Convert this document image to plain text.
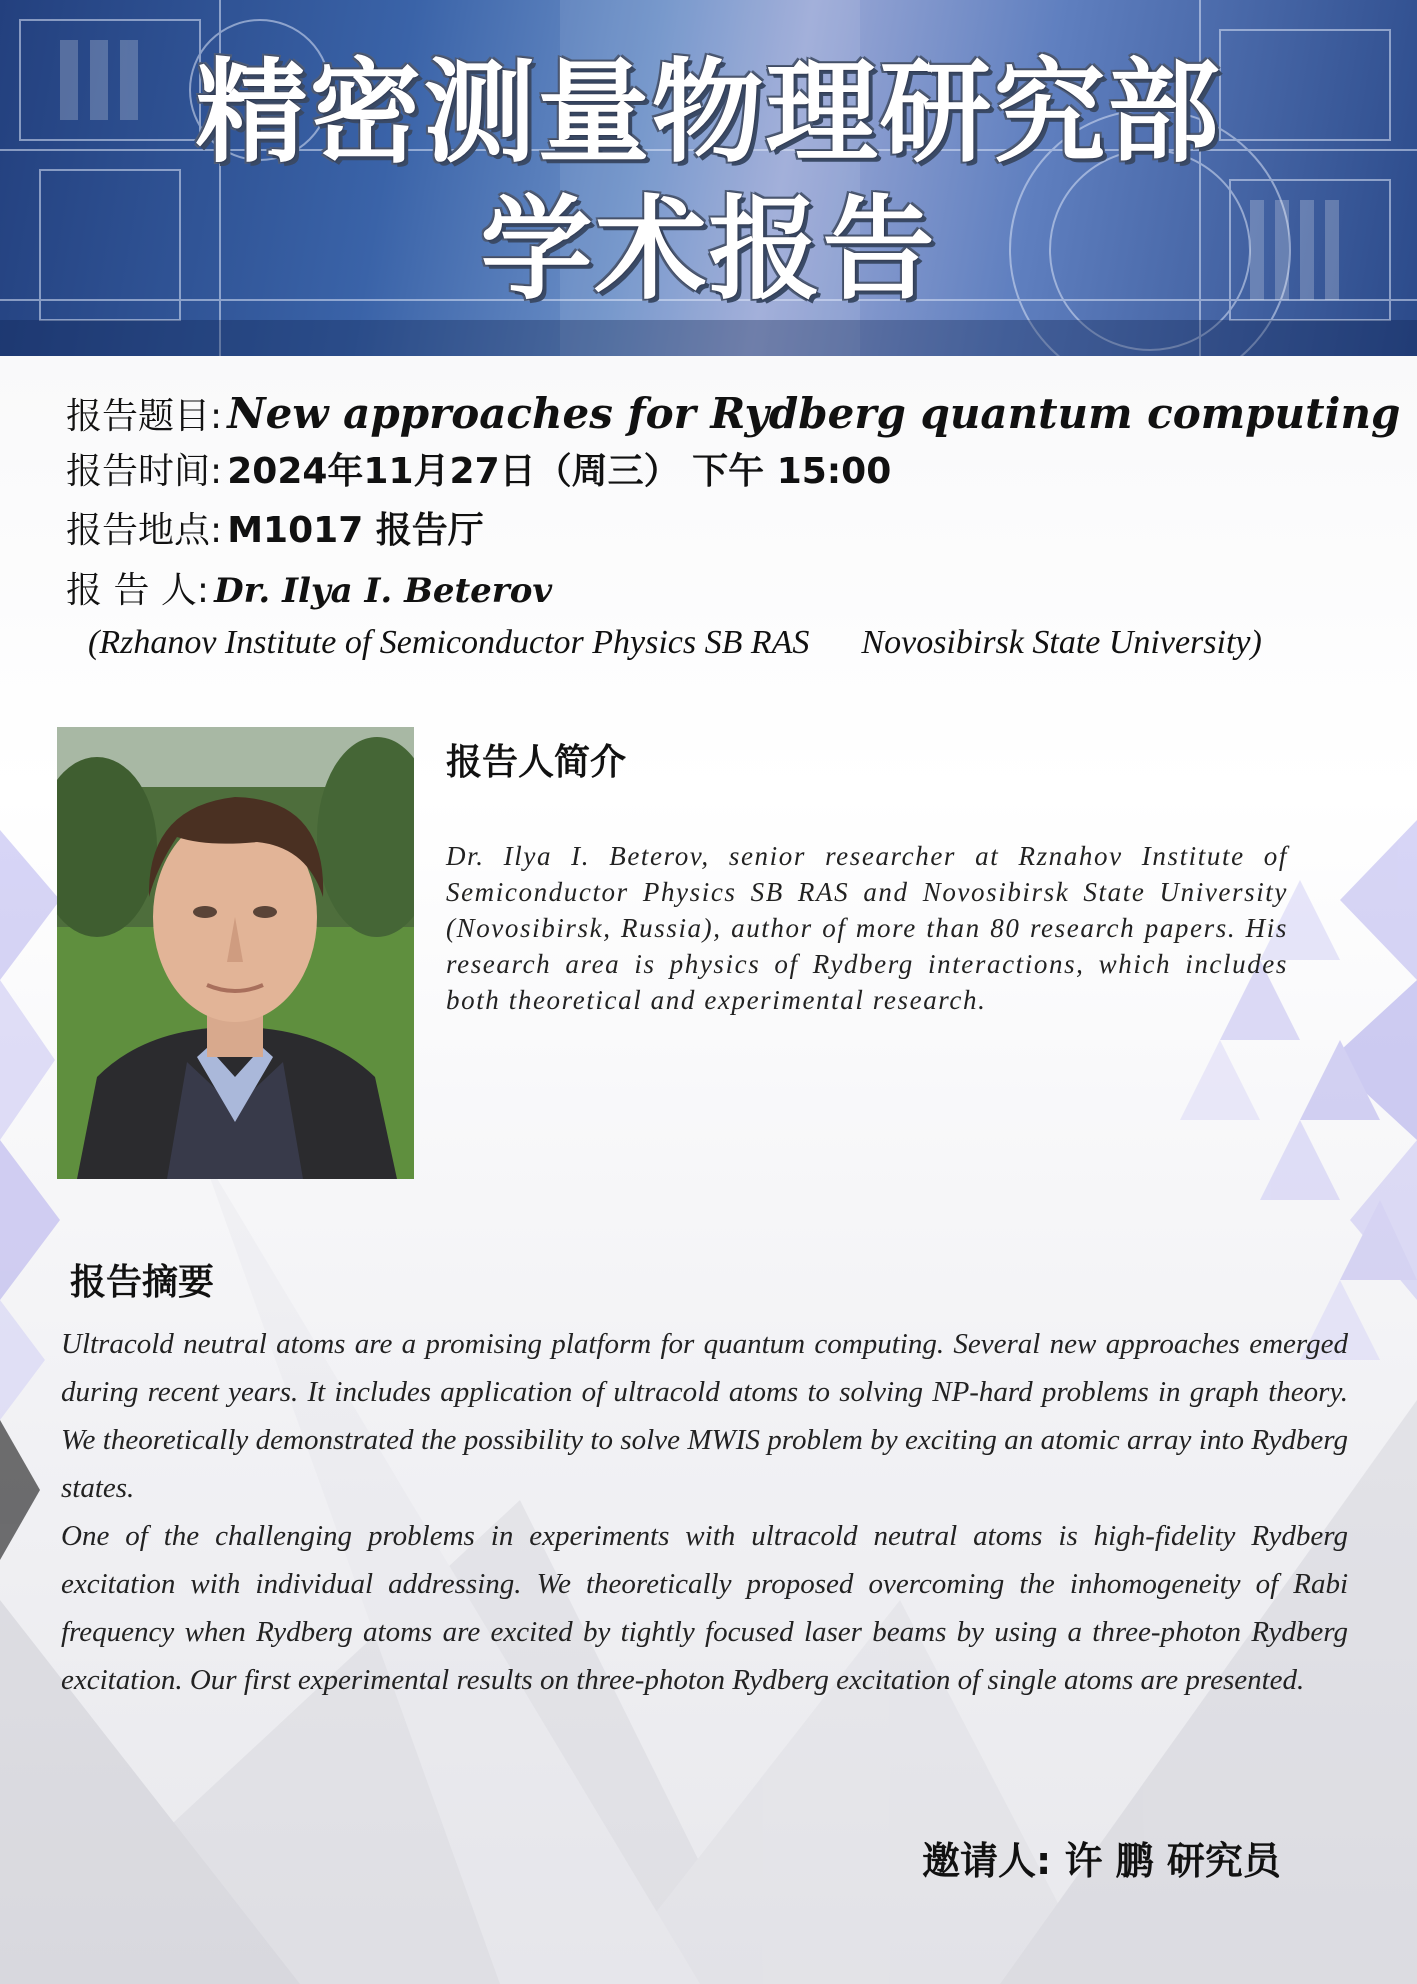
精密测量物理研究部
学术报告
报告题目: New approaches for Rydberg quantum computing
报告时间: 2024年11月27日（周三） 下午 15:00
报告地点: M1017 报告厅
报 告 人: Dr. Ilya I. Beterov
(Rzhanov Institute of Semiconductor Physics SB RAS Novosibirsk State University)
报告人简介
Dr. Ilya I. Beterov, senior researcher at Rznahov Institute of Semiconductor Physics SB RAS and Novosibirsk State University (Novosibirsk, Russia), author of more than 80 research papers. His research area is physics of Rydberg interactions, which includes both theoretical and experimental research.
报告摘要

Ultracold neutral atoms are a promising platform for quantum computing. Several new approaches emerged during recent years. It includes application of ultracold atoms to solving NP-hard problems in graph theory. We theoretically demonstrated the possibility to solve MWIS problem by exciting an atomic array into Rydberg states.

One of the challenging problems in experiments with ultracold neutral atoms is high-fidelity Rydberg excitation with individual addressing. We theoretically proposed overcoming the inhomogeneity of Rabi frequency when Rydberg atoms are excited by tightly focused laser beams by using a three-photon Rydberg excitation. Our first experimental results on three-photon Rydberg excitation of single atoms are presented.

邀请人: 许 鹏 研究员
